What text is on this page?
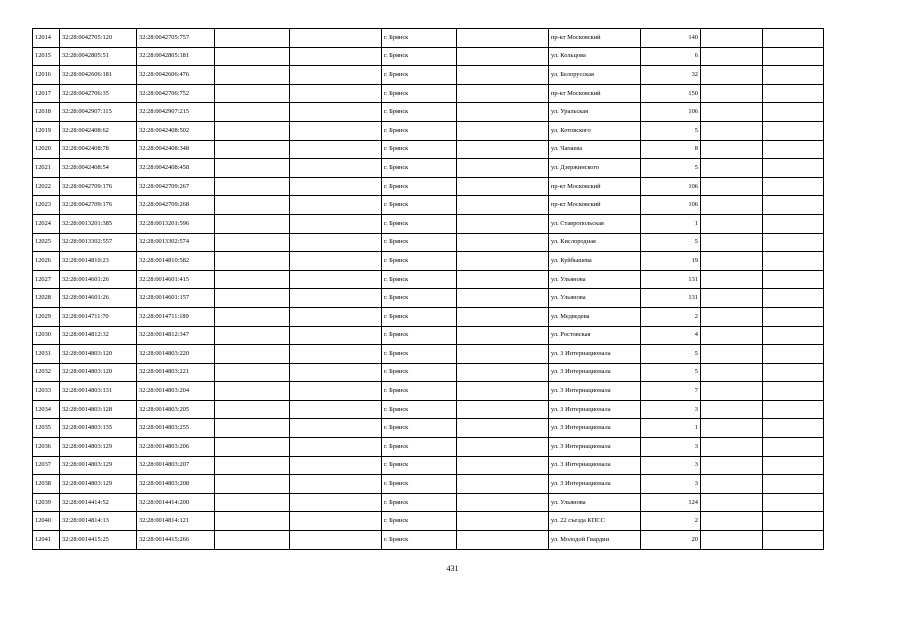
12014	32:28:0042705:120	32:28:0042705:757			г. Брянск		пр-кт Московский	140		
12015	32:28:0042805:51	32:28:0042805:181			г. Брянск		ул. Кольцова	6		
12016	32:28:0042606:181	32:28:0042606:476			г. Брянск		ул. Белорусская	32		
12017	32:28:0042706:35	32:28:0042706:752			г. Брянск		пр-кт Московский	150		
12018	32:28:0042907:115	32:28:0042907:215			г. Брянск		ул. Уральская	106		
12019	32:28:0042408:62	32:28:0042408:502			г. Брянск		ул. Котовского	5		
12020	32:28:0042408:78	32:28:0042408:348			г. Брянск		ул. Чапаева	8		
12021	32:28:0042408:54	32:28:0042408:458			г. Брянск		ул. Дзержинского	5		
12022	32:28:0042709:176	32:28:0042709:267			г. Брянск		пр-кт Московский	106		
12023	32:28:0042709:176	32:28:0042709:268			г. Брянск		пр-кт Московский	106		
12024	32:28:0013201:385	32:28:0013201:596			г. Брянск		ул. Ставропольская	1		
12025	32:28:0013302:557	32:28:0013302:574			г. Брянск		ул. Кислородная	5		
12026	32:28:0014810:23	32:28:0014810:582			г. Брянск		ул. Куйбышева	19		
12027	32:28:0014601:26	32:28:0014601:415			г. Брянск		ул. Ульянова	131		
12028	32:28:0014601:26	32:28:0014601:157			г. Брянск		ул. Ульянова	131		
12029	32:28:0014711:70	32:28:0014711:189			г. Брянск		ул. Медведева	2		
12030	32:28:0014812:32	32:28:0014812:347			г. Брянск		ул. Ростовская	4		
12031	32:28:0014803:120	32:28:0014803:220			г. Брянск		ул. 3 Интернационала	5		
12032	32:28:0014803:120	32:28:0014803:221			г. Брянск		ул. 3 Интернационала	5		
12033	32:28:0014803:131	32:28:0014803:204			г. Брянск		ул. 3 Интернационала	7		
12034	32:28:0014803:128	32:28:0014803:205			г. Брянск		ул. 3 Интернационала	3		
12035	32:28:0014803:135	32:28:0014803:255			г. Брянск		ул. 3 Интернационала	1		
12036	32:28:0014803:129	32:28:0014803:206			г. Брянск		ул. 3 Интернационала	3		
12037	32:28:0014803:129	32:28:0014803:207			г. Брянск		ул. 3 Интернационала	3		
12038	32:28:0014803:129	32:28:0014803:208			г. Брянск		ул. 3 Интернационала	3		
12039	32:28:0014414:52	32:28:0014414:200			г. Брянск		ул. Ульянова	124		
12040	32:28:0014814:13	32:28:0014814:121			г. Брянск		ул. 22 съезда КПСС	2		
12041	32:28:0014415:25	32:28:0014415:266			г. Брянск		ул. Молодой Гвардии	20		
431
